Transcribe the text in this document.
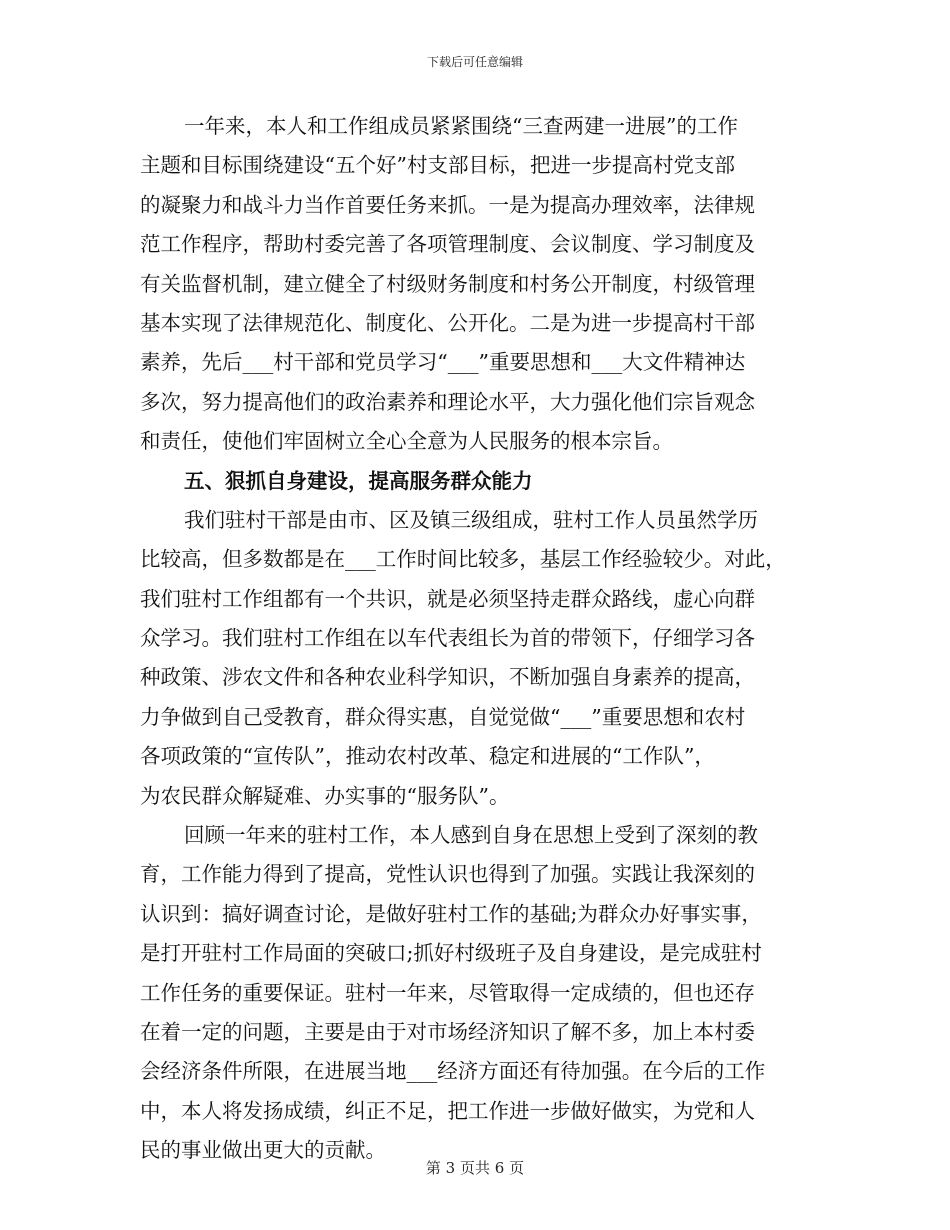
下载后可任意编辑
一年来，本人和工作组成员紧紧围绕“三查两建一进展”的工作
主题和目标围绕建设“五个好”村支部目标，把进一步提高村党支部
的凝聚力和战斗力当作首要任务来抓。一是为提高办理效率，法律规
范工作程序，帮助村委完善了各项管理制度、会议制度、学习制度及
有关监督机制，建立健全了村级财务制度和村务公开制度，村级管理
基本实现了法律规范化、制度化、公开化。二是为进一步提高村干部
素养，先后___村干部和党员学习“___”重要思想和___大文件精神达
多次，努力提高他们的政治素养和理论水平，大力强化他们宗旨观念
和责任，使他们牢固树立全心全意为人民服务的根本宗旨。
五、狠抓自身建设，提高服务群众能力
我们驻村干部是由市、区及镇三级组成，驻村工作人员虽然学历
比较高，但多数都是在___工作时间比较多，基层工作经验较少。对此，
我们驻村工作组都有一个共识，就是必须坚持走群众路线，虚心向群
众学习。我们驻村工作组在以车代表组长为首的带领下，仔细学习各
种政策、涉农文件和各种农业科学知识，不断加强自身素养的提高，
力争做到自己受教育，群众得实惠，自觉觉做“___”重要思想和农村
各项政策的“宣传队”，推动农村改革、稳定和进展的“工作队”，
为农民群众解疑难、办实事的“服务队”。
回顾一年来的驻村工作，本人感到自身在思想上受到了深刻的教
育，工作能力得到了提高，党性认识也得到了加强。实践让我深刻的
认识到：搞好调查讨论，是做好驻村工作的基础;为群众办好事实事，
是打开驻村工作局面的突破口;抓好村级班子及自身建设，是完成驻村
工作任务的重要保证。驻村一年来，尽管取得一定成绩的，但也还存
在着一定的问题，主要是由于对市场经济知识了解不多，加上本村委
会经济条件所限，在进展当地___经济方面还有待加强。在今后的工作
中，本人将发扬成绩，纠正不足，把工作进一步做好做实，为党和人
民的事业做出更大的贡献。
第 3 页共 6 页
